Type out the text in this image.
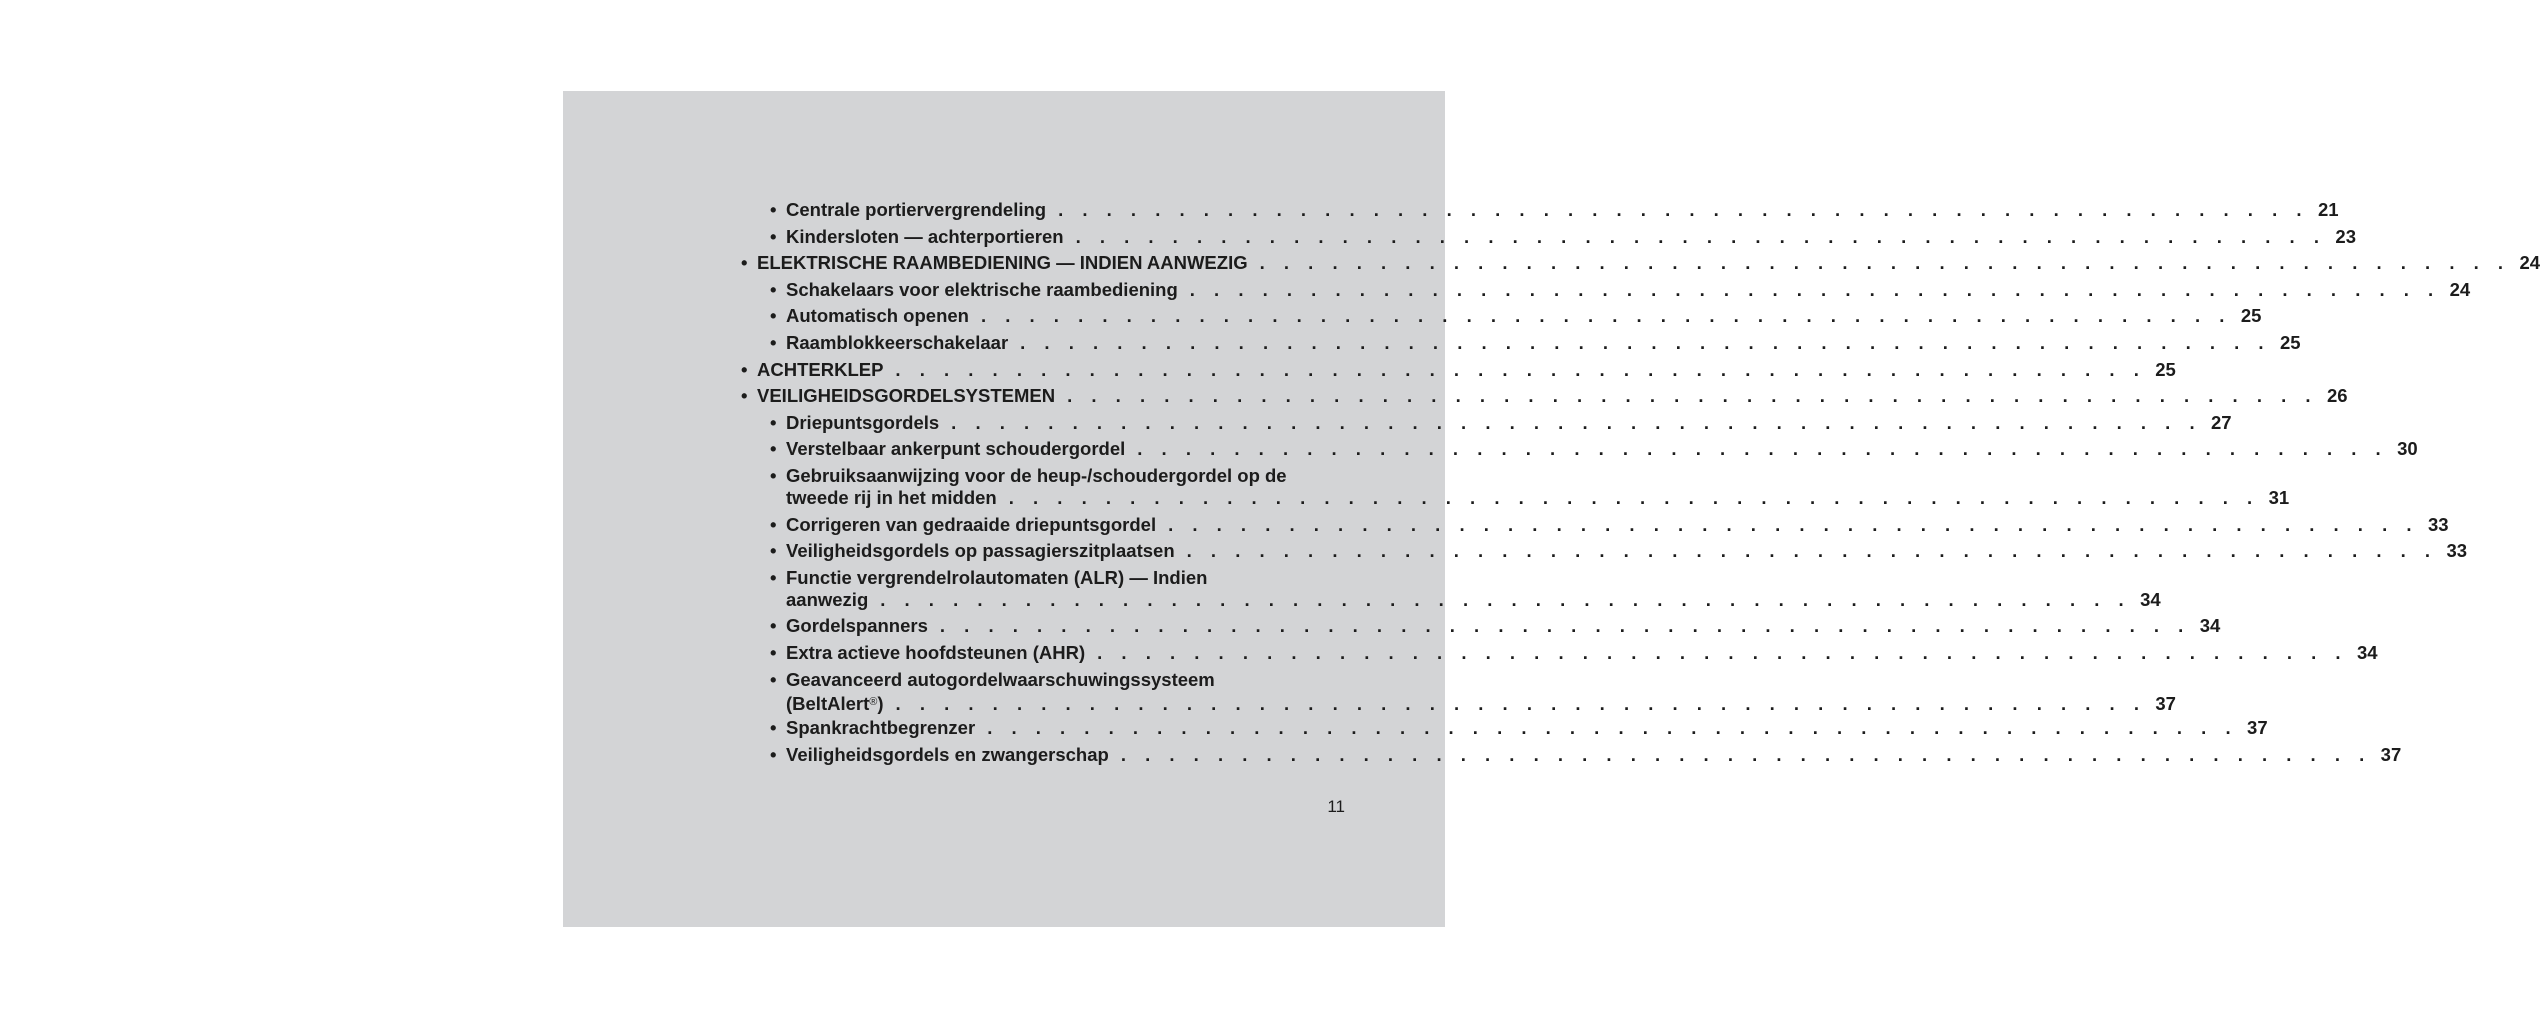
• Centrale portiervergrendeling . . . . . . . . . . . . . . . . . . . . . . . . . . . . . . . . . . . . . . . . . . . . . . . . . . . . 21
• Kindersloten — achterportieren . . . . . . . . . . . . . . . . . . . . . . . . . . . . . . . . . . . . . . . . . . . . . . . . . . . . 23
• ELEKTRISCHE RAAMBEDIENING — INDIEN AANWEZIG . . . . . . . . . . . . . . . . . . . . . . . . . . . . . . . . . . . . . . . . . . . . . . . . . . . . 24
• Schakelaars voor elektrische raambediening . . . . . . . . . . . . . . . . . . . . . . . . . . . . . . . . . . . . . . . . . . . . . . . . . . . . 24
• Automatisch openen . . . . . . . . . . . . . . . . . . . . . . . . . . . . . . . . . . . . . . . . . . . . . . . . . . . . 25
• Raamblokkeerschakelaar . . . . . . . . . . . . . . . . . . . . . . . . . . . . . . . . . . . . . . . . . . . . . . . . . . . . 25
• ACHTERKLEP . . . . . . . . . . . . . . . . . . . . . . . . . . . . . . . . . . . . . . . . . . . . . . . . . . . . 25
• VEILIGHEIDSGORDELSYSTEMEN . . . . . . . . . . . . . . . . . . . . . . . . . . . . . . . . . . . . . . . . . . . . . . . . . . . . 26
• Driepuntsgordels . . . . . . . . . . . . . . . . . . . . . . . . . . . . . . . . . . . . . . . . . . . . . . . . . . . . 27
• Verstelbaar ankerpunt schoudergordel . . . . . . . . . . . . . . . . . . . . . . . . . . . . . . . . . . . . . . . . . . . . . . . . . . . . 30
• Gebruiksaanwijzing voor de heup-/schoudergordel op de
tweede rij in het midden . . . . . . . . . . . . . . . . . . . . . . . . . . . . . . . . . . . . . . . . . . . . . . . . . . . . 31
• Corrigeren van gedraaide driepuntsgordel . . . . . . . . . . . . . . . . . . . . . . . . . . . . . . . . . . . . . . . . . . . . . . . . . . . . 33
• Veiligheidsgordels op passagierszitplaatsen . . . . . . . . . . . . . . . . . . . . . . . . . . . . . . . . . . . . . . . . . . . . . . . . . . . . 33
• Functie vergrendelrolautomaten (ALR) — Indien
aanwezig . . . . . . . . . . . . . . . . . . . . . . . . . . . . . . . . . . . . . . . . . . . . . . . . . . . . 34
• Gordelspanners . . . . . . . . . . . . . . . . . . . . . . . . . . . . . . . . . . . . . . . . . . . . . . . . . . . . 34
• Extra actieve hoofdsteunen (AHR) . . . . . . . . . . . . . . . . . . . . . . . . . . . . . . . . . . . . . . . . . . . . . . . . . . . . 34
• Geavanceerd autogordelwaarschuwingssysteem
(BeltAlert®) . . . . . . . . . . . . . . . . . . . . . . . . . . . . . . . . . . . . . . . . . . . . . . . . . . . . 37
• Spankrachtbegrenzer . . . . . . . . . . . . . . . . . . . . . . . . . . . . . . . . . . . . . . . . . . . . . . . . . . . . 37
• Veiligheidsgordels en zwangerschap . . . . . . . . . . . . . . . . . . . . . . . . . . . . . . . . . . . . . . . . . . . . . . . . . . . . 37
11
